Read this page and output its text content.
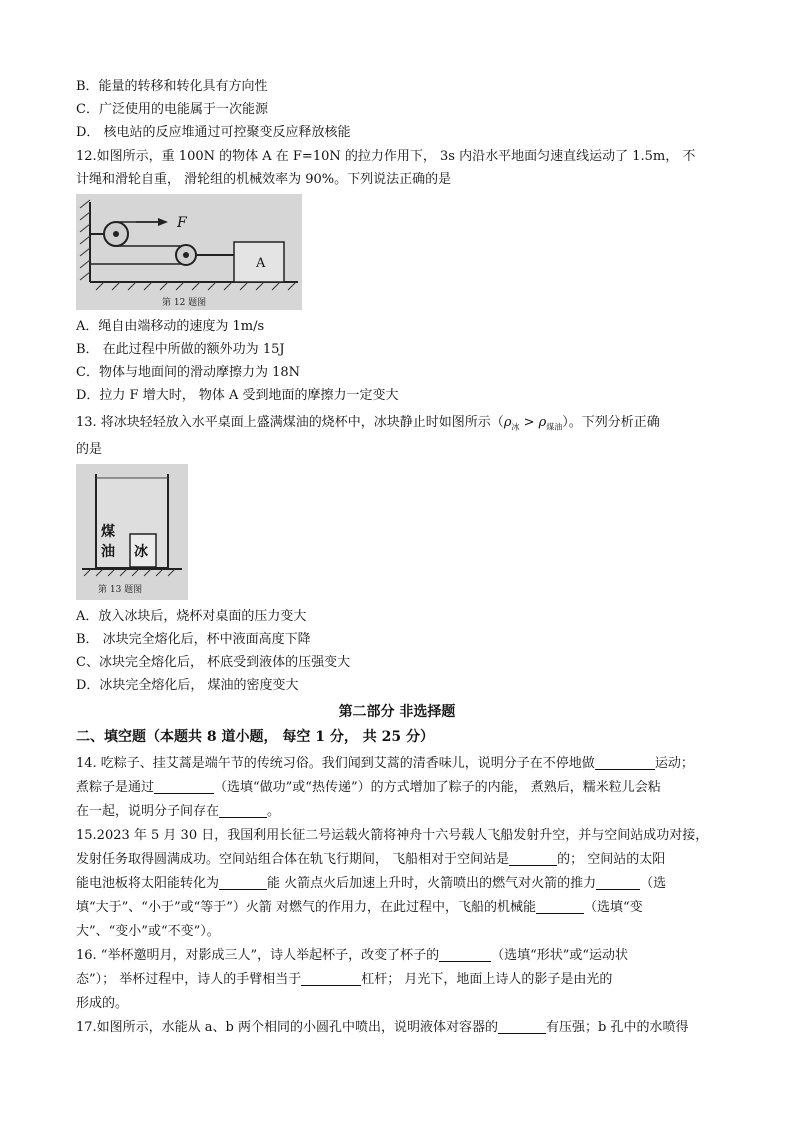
B．能量的转移和转化具有方向性
C．广泛使用的电能属于一次能源
D． 核电站的反应堆通过可控聚变反应释放核能
12.如图所示，重 100N 的物体 A 在 F=10N 的拉力作用下， 3s 内沿水平地面匀速直线运动了 1.5m， 不
计绳和滑轮自重， 滑轮组的机械效率为 90%。下列说法正确的是
F
A
第 12 题图
A．绳自由端移动的速度为 1m/s
B． 在此过程中所做的额外功为 15J
C．物体与地面间的滑动摩擦力为 18N
D．拉力 F 增大时， 物体 A 受到地面的摩擦力一定变大
13. 将冰块轻轻放入水平桌面上盛满煤油的烧杯中，冰块静止时如图所示$(\rho_冰 > \rho_{煤油})$。下列分析正确
的是
冰
煤
油
第 13 题图
A．放入冰块后，烧杯对桌面的压力变大
B． 冰块完全熔化后，杯中液面高度下降
C、冰块完全熔化后， 杯底受到液体的压强变大
D．冰块完全熔化后， 煤油的密度变大
第二部分 非选择题
二、填空题（本题共 8 道小题， 每空 1 分， 共 25 分）
14. 吃粽子、挂艾蒿是端午节的传统习俗。我们闻到艾蒿的清香味儿，说明分子在不停地做	运动；
煮粽子是通过	（选填“做功”或“热传递”）的方式增加了粽子的内能， 煮熟后，糯米粒儿会粘
在一起，说明分子间存在	。
15.2023 年 5 月 30 日，我国利用长征二号运载火箭将神舟十六号载人飞船发射升空，并与空间站成功对接，
发射任务取得圆满成功。空间站组合体在轨飞行期间， 飞船相对于空间站是	的； 空间站的太阳
能电池板将太阳能转化为	能 火箭点火后加速上升时，火箭喷出的燃气对火箭的推力	（选
填“大于”、“小于”或“等于”）火箭 对燃气的作用力，在此过程中，飞船的机械能	（选填“变
大”、“变小”或“不变”）。
16. “举杯邀明月，对影成三人”，诗人举起杯子，改变了杯子的	（选填“形状”或“运动状
态”）； 举杯过程中，诗人的手臂相当于	杠杆； 月光下，地面上诗人的影子是由光的
形成的。
17.如图所示，水能从 a、b 两个相同的小圆孔中喷出，说明液体对容器的	有压强；b 孔中的水喷得
